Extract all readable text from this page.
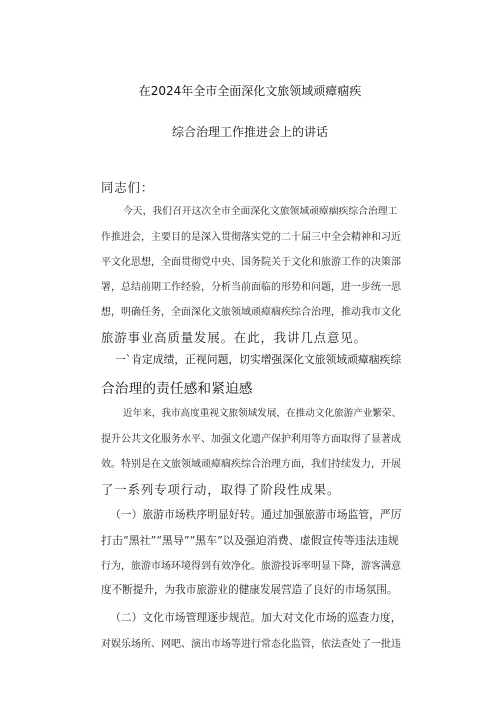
在2024年全市全面深化文旅领域顽瘴痼疾
综合治理工作推进会上的讲话
同志们：
今天，我们召开这次全市全面深化文旅领域顽瘴痼疾综合治理工
作推进会，主要目的是深入贯彻落实党的二十届三中全会精神和习近
平文化思想，全面贯彻党中央、国务院关于文化和旅游工作的决策部
署，总结前期工作经验，分析当前面临的形势和问题，进一步统一思
想，明确任务，全面深化文旅领域顽瘴痼疾综合治理，推动我市文化
旅游事业高质量发展。在此，我讲几点意见。
一`肯定成绩，正视问题，切实增强深化文旅领域顽瘴痼疾综
合治理的责任感和紧迫感
近年来，我市高度重视文旅领域发展，在推动文化旅游产业繁荣、
提升公共文化服务水平、加强文化遗产保护利用等方面取得了显著成
效。特别是在文旅领域顽瘴痼疾综合治理方面，我们持续发力，开展
了一系列专项行动，取得了阶段性成果。
（一）旅游市场秩序明显好转。通过加强旅游市场监管，严厉
打击“黑社”“黑导”“黑车”以及强迫消费、虚假宣传等违法违规
行为，旅游市场环境得到有效净化。旅游投诉率明显下降，游客满意
度不断提升，为我市旅游业的健康发展营造了良好的市场氛围。
（二）文化市场管理逐步规范。加大对文化市场的巡查力度，
对娱乐场所、网吧、演出市场等进行常态化监管，依法查处了一批违
